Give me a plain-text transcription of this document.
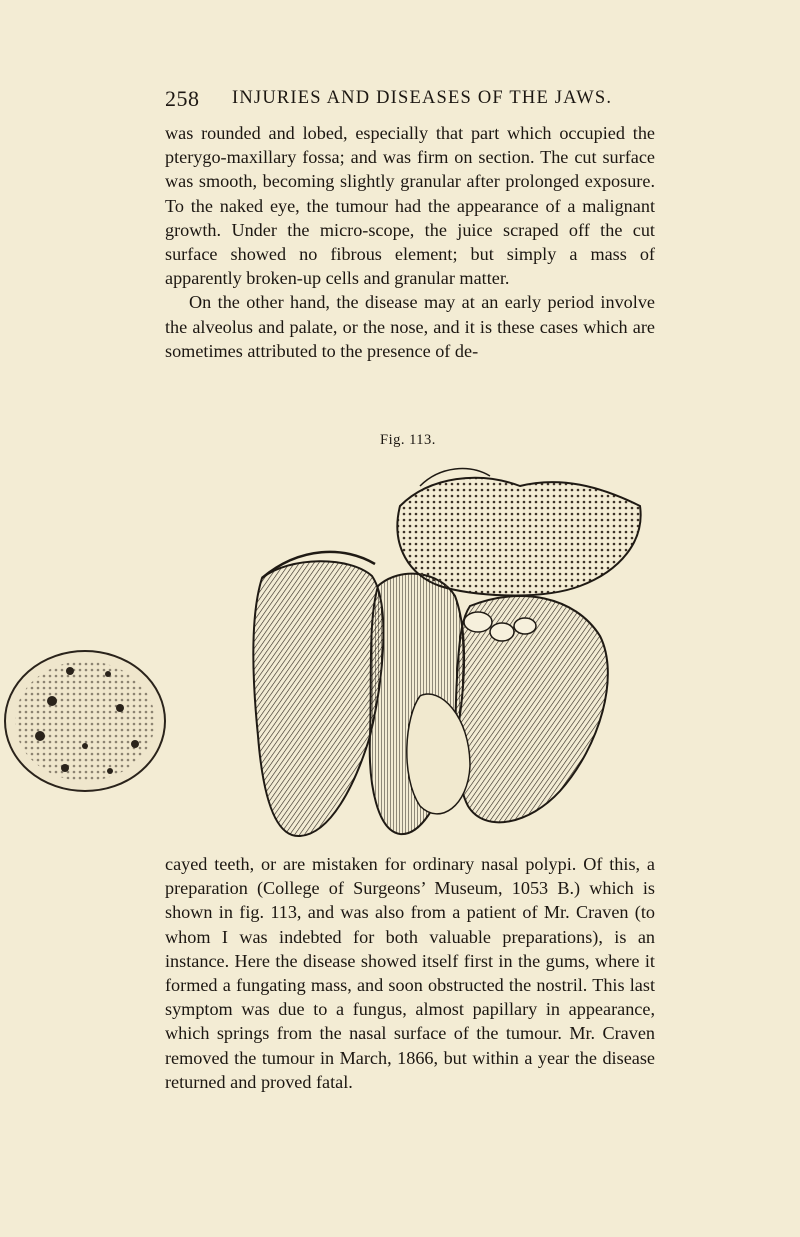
258 INJURIES AND DISEASES OF THE JAWS.

was rounded and lobed, especially that part which occupied the pterygo-maxillary fossa; and was firm on section. The cut surface was smooth, becoming slightly granular after prolonged exposure. To the naked eye, the tumour had the appearance of a malignant growth. Under the micro-scope, the juice scraped off the cut surface showed no fibrous element; but simply a mass of apparently broken-up cells and granular matter.

On the other hand, the disease may at an early period involve the alveolus and palate, or the nose, and it is these cases which are sometimes attributed to the presence of de-

Fig. 113.

cayed teeth, or are mistaken for ordinary nasal polypi. Of this, a preparation (College of Surgeons’ Museum, 1053 B.) which is shown in fig. 113, and was also from a patient of Mr. Craven (to whom I was indebted for both valuable preparations), is an instance. Here the disease showed itself first in the gums, where it formed a fungating mass, and soon obstructed the nostril. This last symptom was due to a fungus, almost papillary in appearance, which springs from the nasal surface of the tumour. Mr. Craven removed the tumour in March, 1866, but within a year the disease returned and proved fatal.
